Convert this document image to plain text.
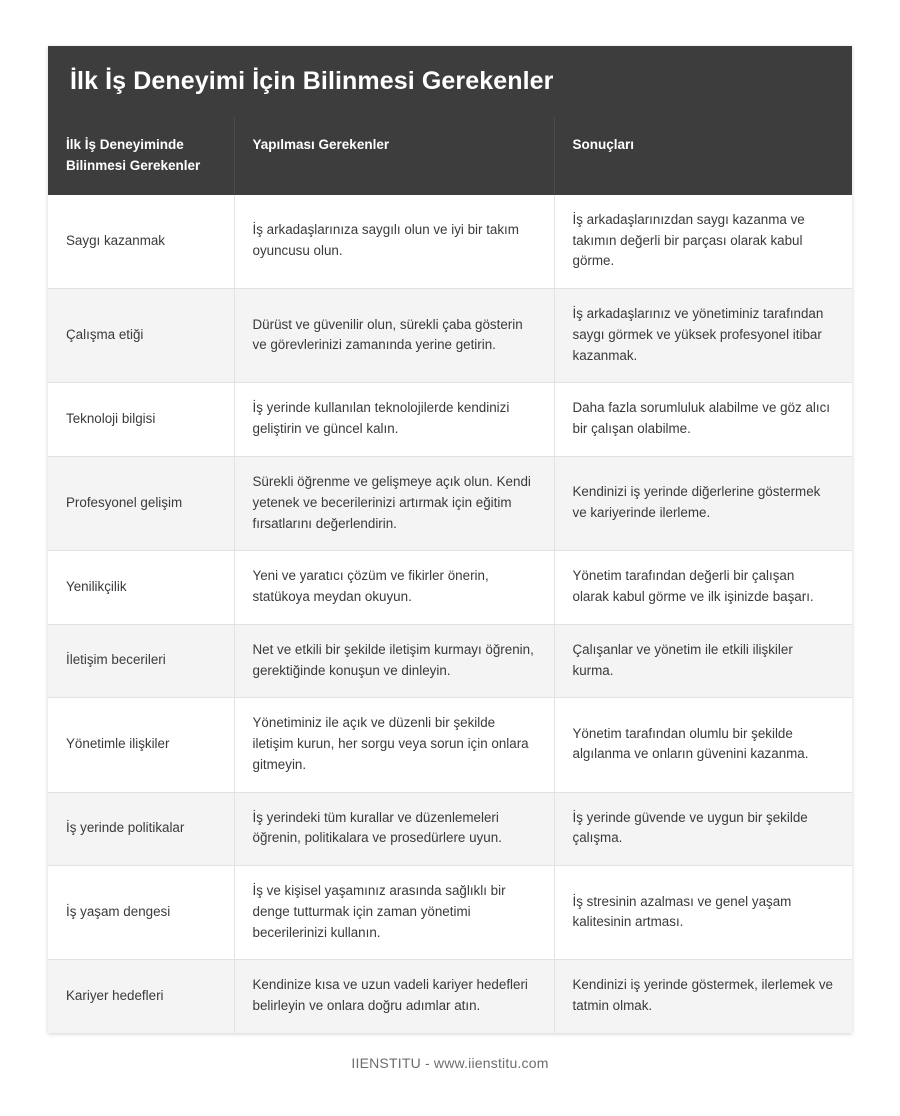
İlk İş Deneyimi İçin Bilinmesi Gerekenler
İlk İş Deneyiminde Bilinmesi Gerekenler	Yapılması Gerekenler	Sonuçları
Saygı kazanmak	İş arkadaşlarınıza saygılı olun ve iyi bir takım oyuncusu olun.	İş arkadaşlarınızdan saygı kazanma ve takımın değerli bir parçası olarak kabul görme.
Çalışma etiği	Dürüst ve güvenilir olun, sürekli çaba gösterin ve görevlerinizi zamanında yerine getirin.	İş arkadaşlarınız ve yönetiminiz tarafından saygı görmek ve yüksek profesyonel itibar kazanmak.
Teknoloji bilgisi	İş yerinde kullanılan teknolojilerde kendinizi geliştirin ve güncel kalın.	Daha fazla sorumluluk alabilme ve göz alıcı bir çalışan olabilme.
Profesyonel gelişim	Sürekli öğrenme ve gelişmeye açık olun. Kendi yetenek ve becerilerinizi artırmak için eğitim fırsatlarını değerlendirin.	Kendinizi iş yerinde diğerlerine göstermek ve kariyerinde ilerleme.
Yenilikçilik	Yeni ve yaratıcı çözüm ve fikirler önerin, statükoya meydan okuyun.	Yönetim tarafından değerli bir çalışan olarak kabul görme ve ilk işinizde başarı.
İletişim becerileri	Net ve etkili bir şekilde iletişim kurmayı öğrenin, gerektiğinde konuşun ve dinleyin.	Çalışanlar ve yönetim ile etkili ilişkiler kurma.
Yönetimle ilişkiler	Yönetiminiz ile açık ve düzenli bir şekilde iletişim kurun, her sorgu veya sorun için onlara gitmeyin.	Yönetim tarafından olumlu bir şekilde algılanma ve onların güvenini kazanma.
İş yerinde politikalar	İş yerindeki tüm kurallar ve düzenlemeleri öğrenin, politikalara ve prosedürlere uyun.	İş yerinde güvende ve uygun bir şekilde çalışma.
İş yaşam dengesi	İş ve kişisel yaşamınız arasında sağlıklı bir denge tutturmak için zaman yönetimi becerilerinizi kullanın.	İş stresinin azalması ve genel yaşam kalitesinin artması.
Kariyer hedefleri	Kendinize kısa ve uzun vadeli kariyer hedefleri belirleyin ve onlara doğru adımlar atın.	Kendinizi iş yerinde göstermek, ilerlemek ve tatmin olmak.
IIENSTITU - www.iienstitu.com
